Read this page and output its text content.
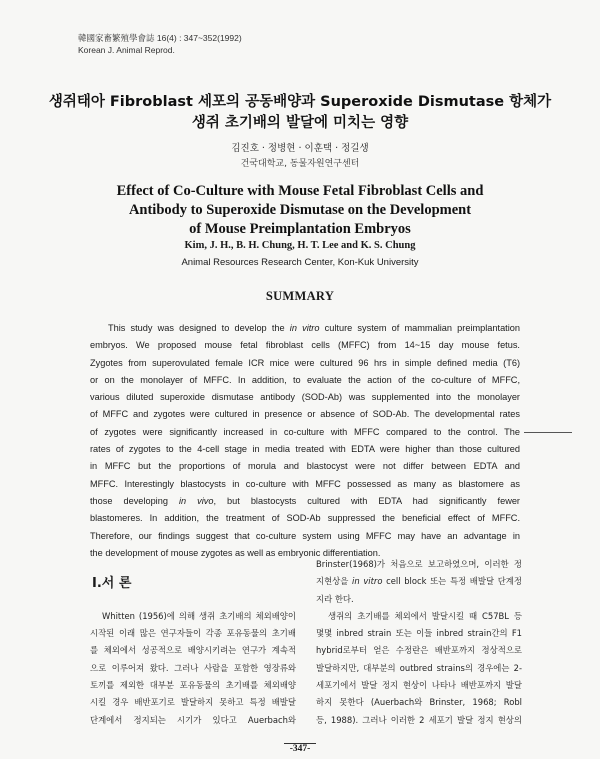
韓國家畜繁殖學會誌 16(4) : 347~352(1992)
Korean J. Animal Reprod.
생쥐태아 Fibroblast 세포의 공동배양과 Superoxide Dismutase 항체가
생쥐 초기배의 발달에 미치는 영향
김진호 · 정병현 · 이훈택 · 정길생
건국대학교, 동물자원연구센터
Effect of Co-Culture with Mouse Fetal Fibroblast Cells and
Antibody to Superoxide Dismutase on the Development
of Mouse Preimplantation Embryos
Kim, J. H., B. H. Chung, H. T. Lee and K. S. Chung
Animal Resources Research Center, Kon-Kuk University
SUMMARY
This study was designed to develop the in vitro culture system of mammalian preimplantation
embryos. We proposed mouse fetal fibroblast cells (MFFC) from 14~15 day mouse fetus.
Zygotes from superovulated female ICR mice were cultured 96 hrs in simple defined media (T6)
or on the monolayer of MFFC. In addition, to evaluate the action of the co-culture of MFFC,
various diluted superoxide dismutase antibody (SOD-Ab) was supplemented into the monolayer
of MFFC and zygotes were cultured in presence or absence of SOD-Ab. The developmental rates
of zygotes were significantly increased in co-culture with MFFC compared to the control. The
rates of zygotes to the 4-cell stage in media treated with EDTA were higher than those cultured
in MFFC but the proportions of morula and blastocyst were not differ between EDTA and
MFFC. Interestingly blastocysts in co-culture with MFFC possessed as many as blastomere as
those developing in vivo, but blastocysts cultured with EDTA had significantly fewer
blastomeres. In addition, the treatment of SOD-Ab suppressed the beneficial effect of MFFC.
Therefore, our findings suggest that co-culture system using MFFC may have an advantage in
the development of mouse zygotes as well as embryonic differentiation.
Whitten (1956)에 의해 생쥐 초기배의 체외배양이
시작된 이래 많은 연구자들이 각종 포유동물의 초기배
를 체외에서 성공적으로 배양시키려는 연구가 계속적
으로 이루어져 왔다. 그러나 사람을 포함한 영장류와
토끼를 제외한 대부분 포유동물의 초기배를 체외배양
시킬 경우 배반포기로 발달하지 못하고 특정 배발달
단계에서 정지되는 시기가 있다고 Auerbach와
Ⅰ.서 론
Brinster(1968)가 처음으로 보고하였으며, 이러한 정
지현상을 in vitro cell block 또는 특정 배발달 단계정
지라 한다.
생쥐의 초기배를 체외에서 발달시킬 때 C57BL 등
몇몇 inbred strain 또는 이들 inbred strain간의 F1
hybrid로부터 얻은 수정란은 배반포까지 정상적으로
발달하지만, 대부분의 outbred strains의 경우에는 2-
세포기에서 발달 정지 현상이 나타나 배반포까지 발달
하지 못한다 (Auerbach와 Brinster, 1968; Robl
등, 1988). 그러나 이러한 2 세포기 발달 정지 현상의
-347-
